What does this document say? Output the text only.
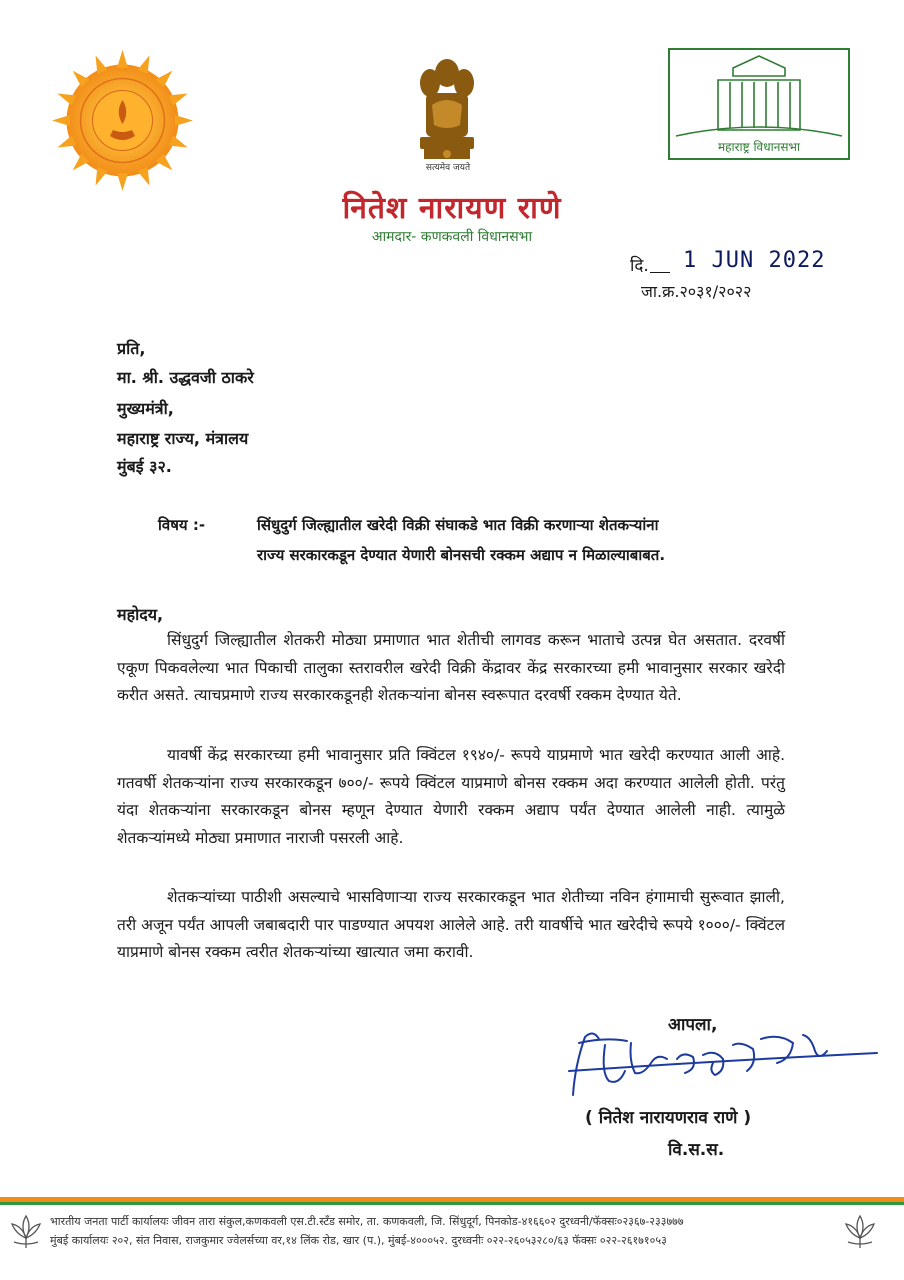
सत्यमेव जयते
महाराष्ट्र विधानसभा
नितेश नारायण राणे
आमदार- कणकवली विधानसभा
दि. 1 JUN 2022
जा.क्र.२०३१/२०२२
प्रति,
मा. श्री. उद्धवजी ठाकरे
मुख्यमंत्री,
महाराष्ट्र राज्य, मंत्रालय
मुंबई ३२.
विषय :-	सिंधुदुर्ग जिल्ह्यातील खरेदी विक्री संघाकडे भात विक्री करणाऱ्या शेतकऱ्यांना
राज्य सरकारकडून देण्यात येणारी बोनसची रक्कम अद्याप न मिळाल्याबाबत.
महोदय,

सिंधुदुर्ग जिल्ह्यातील शेतकरी मोठ्या प्रमाणात भात शेतीची लागवड करून भाताचे उत्पन्न घेत असतात. दरवर्षी एकूण पिकवलेल्या भात पिकाची तालुका स्तरावरील खरेदी विक्री केंद्रावर केंद्र सरकारच्या हमी भावानुसार सरकार खरेदी करीत असते. त्याचप्रमाणे राज्य सरकारकडूनही शेतकऱ्यांना बोनस स्वरूपात दरवर्षी रक्कम देण्यात येते.

यावर्षी केंद्र सरकारच्या हमी भावानुसार प्रति क्विंटल १९४०/- रूपये याप्रमाणे भात खरेदी करण्यात आली आहे. गतवर्षी शेतकऱ्यांना राज्य सरकारकडून ७००/- रूपये क्विंटल याप्रमाणे बोनस रक्कम अदा करण्यात आलेली होती. परंतु यंदा शेतकऱ्यांना सरकारकडून बोनस म्हणून देण्यात येणारी रक्कम अद्याप पर्यंत देण्यात आलेली नाही. त्यामुळे शेतकऱ्यांमध्ये मोठ्या प्रमाणात नाराजी पसरली आहे.

शेतकऱ्यांच्या पाठीशी असल्याचे भासविणाऱ्या राज्य सरकारकडून भात शेतीच्या नविन हंगामाची सुरूवात झाली, तरी अजून पर्यंत आपली जबाबदारी पार पाडण्यात अपयश आलेले आहे. तरी यावर्षीचे भात खरेदीचे रूपये १०००/- क्विंटल याप्रमाणे बोनस रक्कम त्वरीत शेतकऱ्यांच्या खात्यात जमा करावी.

आपला,
( नितेश नारायणराव राणे )
वि.स.स.
भारतीय जनता पार्टी कार्यालयः जीवन तारा संकुल,कणकवली एस.टी.स्टॅंड समोर, ता. कणकवली, जि. सिंधुदूर्ग, पिनकोड-४१६६०२ दुरध्वनी/फॅक्सः०२३६७-२३३७७७
मुंबई कार्यालयः २०२, संत निवास, राजकुमार ज्वेलर्सच्या वर,१४ लिंक रोड, खार (प.), मुंबई-४०००५२. दुरध्वनीः ०२२-२६०५३२८०/६३ फॅक्सः ०२२-२६१७१०५३
